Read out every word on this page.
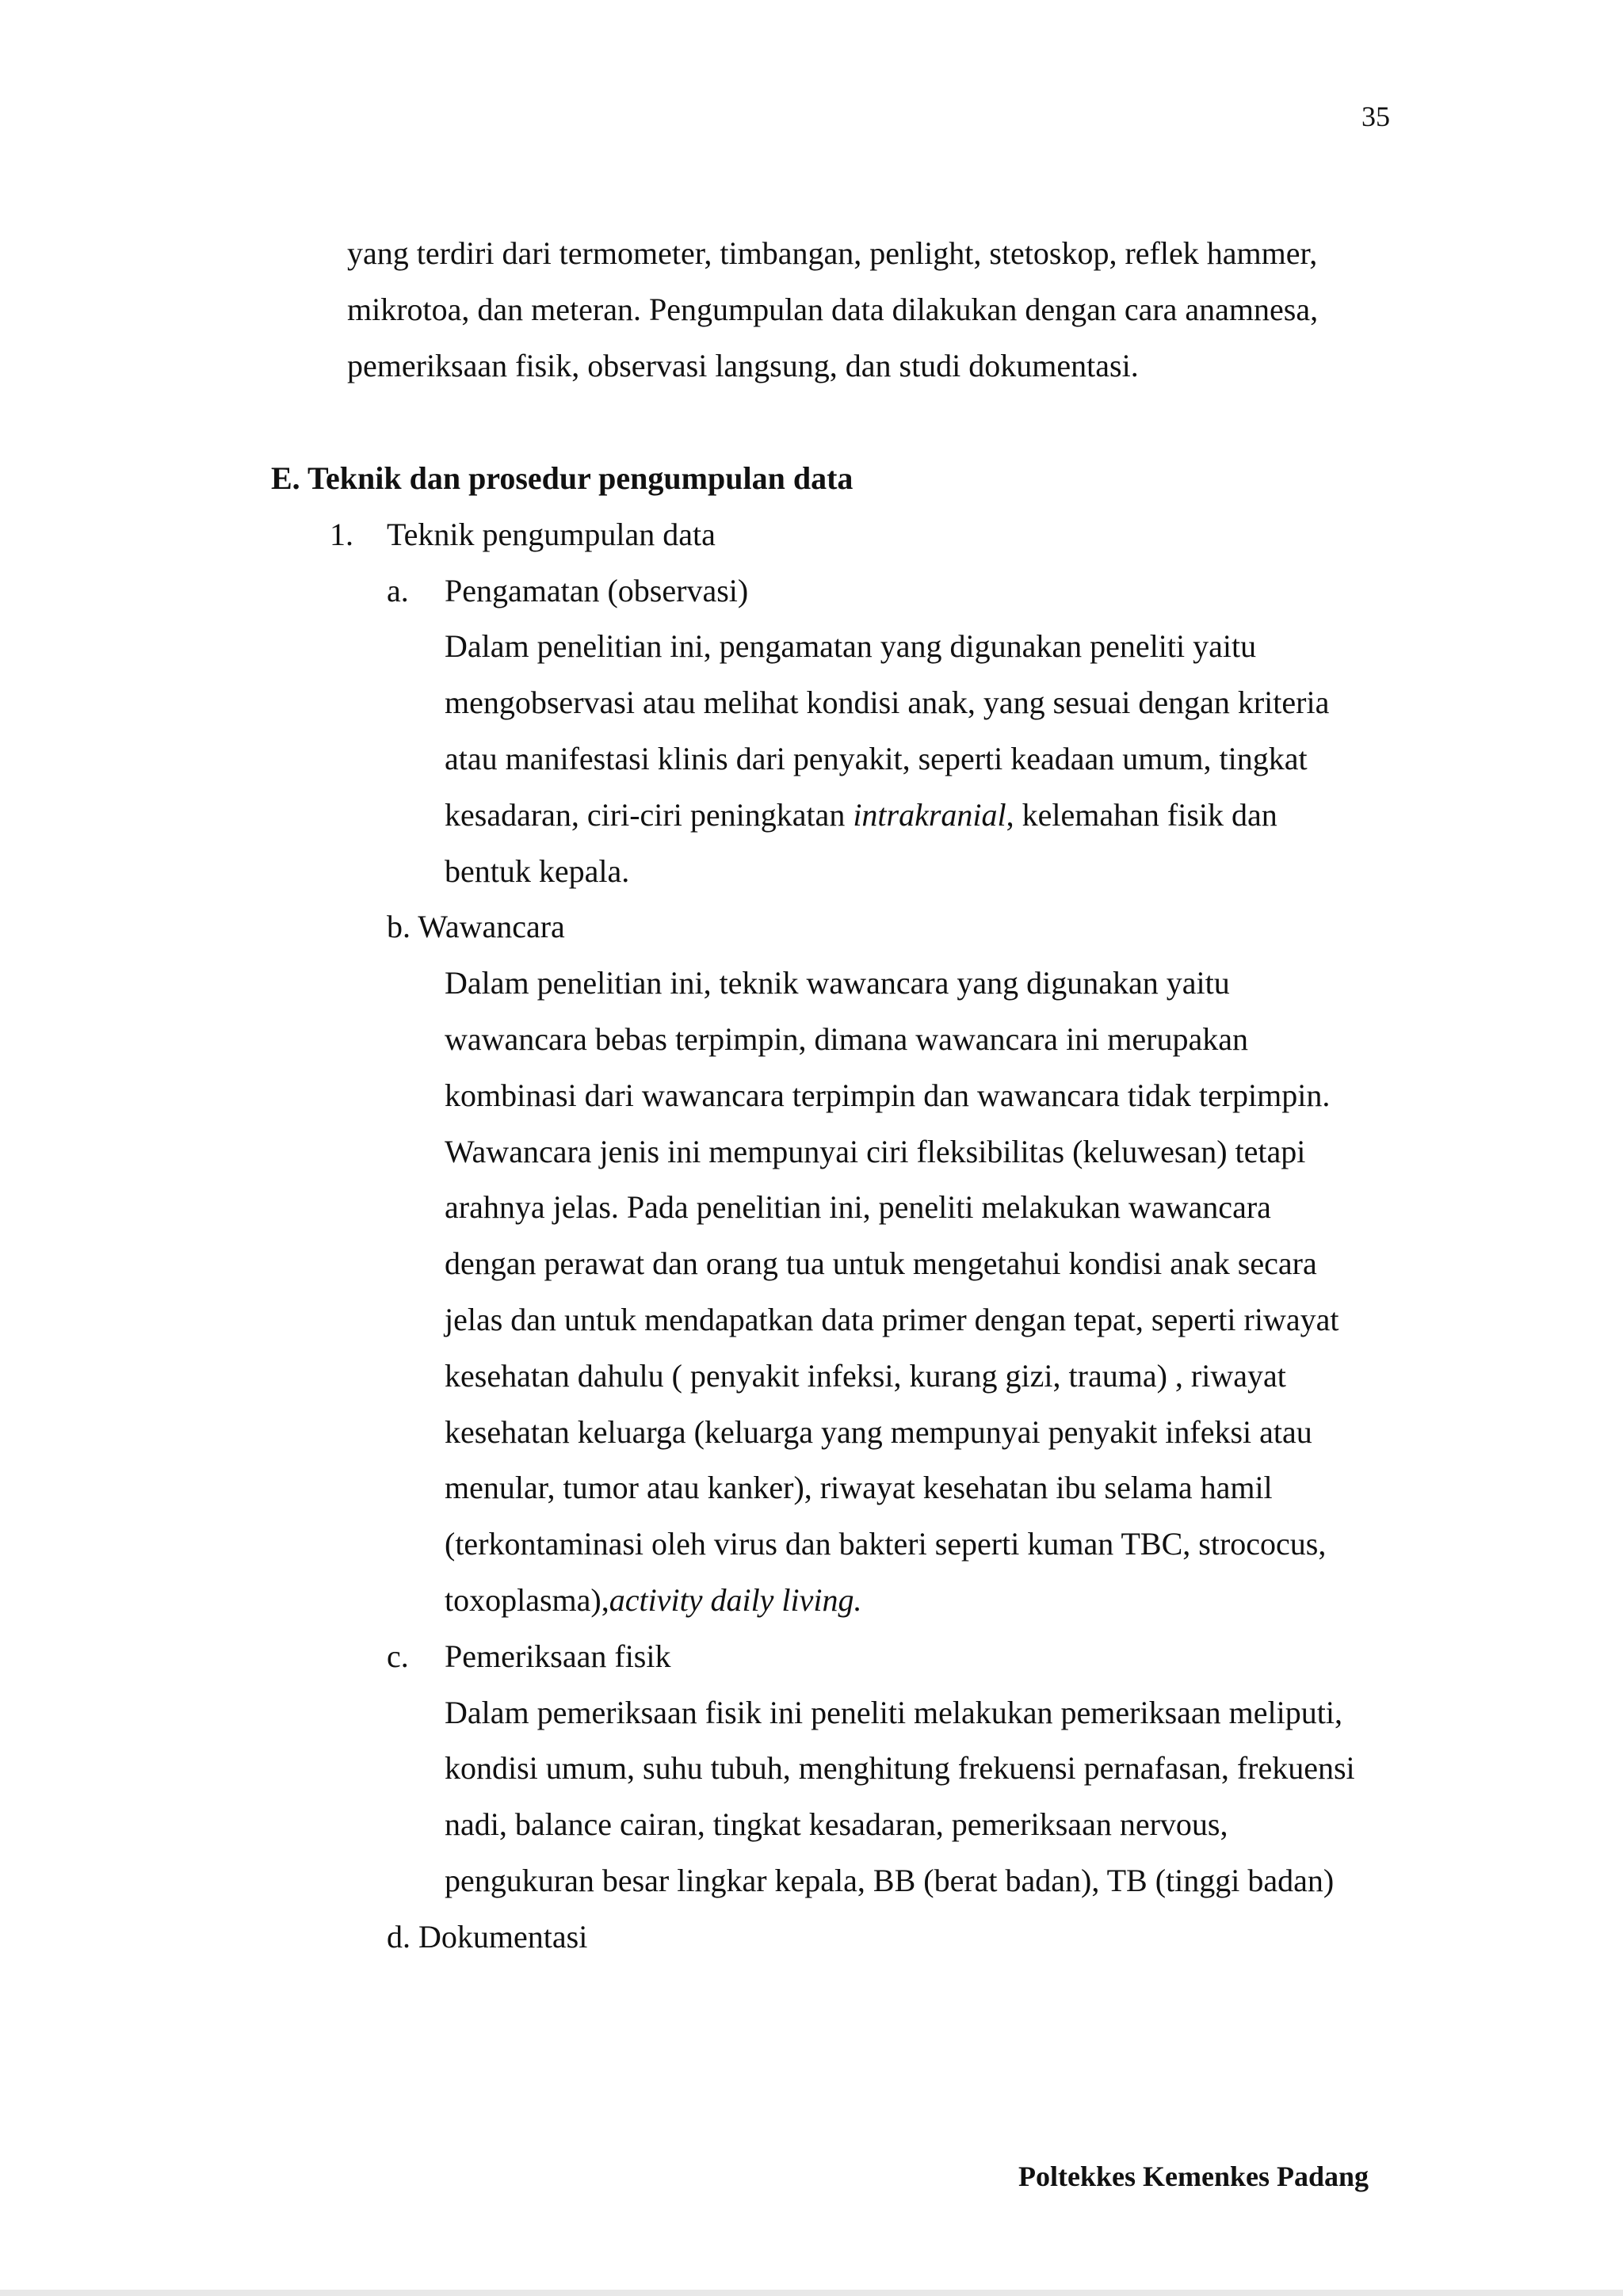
35
yang terdiri dari termometer, timbangan, penlight, stetoskop, reflek hammer,
mikrotoa, dan meteran. Pengumpulan data dilakukan dengan cara anamnesa,
pemeriksaan fisik, observasi langsung, dan studi dokumentasi.
E. Teknik dan prosedur pengumpulan data
1. Teknik pengumpulan data
a. Pengamatan (observasi)
Dalam penelitian ini, pengamatan yang digunakan peneliti yaitu
mengobservasi atau melihat kondisi anak, yang sesuai dengan kriteria
atau manifestasi klinis dari penyakit, seperti keadaan umum, tingkat
kesadaran, ciri-ciri peningkatan intrakranial, kelemahan fisik dan
bentuk kepala.
b. Wawancara
Dalam penelitian ini, teknik wawancara yang digunakan yaitu
wawancara bebas terpimpin, dimana wawancara ini merupakan
kombinasi dari wawancara terpimpin dan wawancara tidak terpimpin.
Wawancara jenis ini mempunyai ciri fleksibilitas (keluwesan) tetapi
arahnya jelas. Pada penelitian ini, peneliti melakukan wawancara
dengan perawat dan orang tua untuk mengetahui kondisi anak secara
jelas dan untuk mendapatkan data primer dengan tepat, seperti riwayat
kesehatan dahulu ( penyakit infeksi, kurang gizi, trauma) , riwayat
kesehatan keluarga (keluarga yang mempunyai penyakit infeksi atau
menular, tumor atau kanker), riwayat kesehatan ibu selama hamil
(terkontaminasi oleh virus dan bakteri seperti kuman TBC, strococus,
toxoplasma),activity daily living.
c. Pemeriksaan fisik
Dalam pemeriksaan fisik ini peneliti melakukan pemeriksaan meliputi,
kondisi umum, suhu tubuh, menghitung frekuensi pernafasan, frekuensi
nadi, balance cairan, tingkat kesadaran, pemeriksaan nervous,
pengukuran besar lingkar kepala, BB (berat badan), TB (tinggi badan)
d. Dokumentasi
Poltekkes Kemenkes Padang
